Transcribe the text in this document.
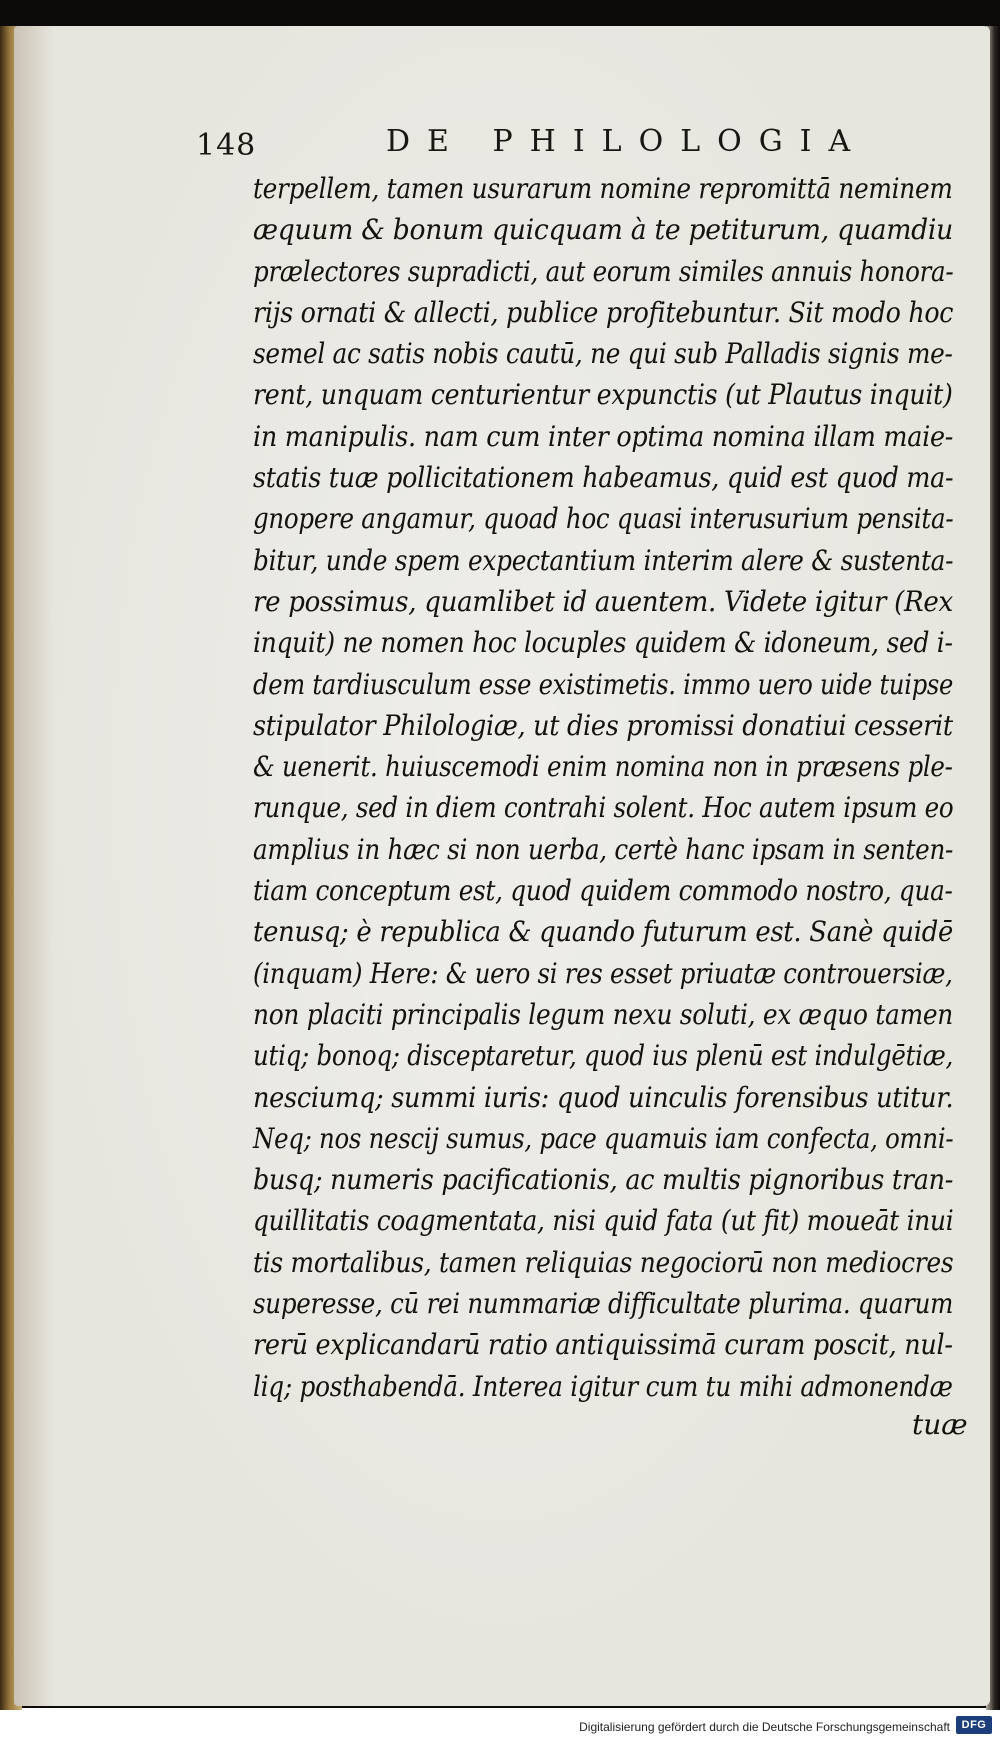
148	DE PHILOLOGIA
terpellem, tamen usurarum nomine repromittā neminem
æquum & bonum quicquam à te petiturum, quamdiu
prælectores supradicti, aut eorum similes annuis honora-
rijs ornati & allecti, publice profitebuntur. Sit modo hoc
semel ac satis nobis cautū, ne qui sub Palladis signis me-
rent, unquam centurientur expunctis (ut Plautus inquit)
in manipulis. nam cum inter optima nomina illam maie-
statis tuæ pollicitationem habeamus, quid est quod ma-
gnopere angamur, quoad hoc quasi interusurium pensita-
bitur, unde spem expectantium interim alere & sustenta-
re possimus, quamlibet id auentem. Videte igitur (Rex
inquit) ne nomen hoc locuples quidem & idoneum, sed i-
dem tardiusculum esse existimetis. immo uero uide tuipse
stipulator Philologiæ, ut dies promissi donatiui cesserit
& uenerit. huiuscemodi enim nomina non in præsens ple-
runque, sed in diem contrahi solent. Hoc autem ipsum eo
amplius in hæc si non uerba, certè hanc ipsam in senten-
tiam conceptum est, quod quidem commodo nostro, qua-
tenusq; è republica & quando futurum est. Sanè quidē
(inquam) Here: & uero si res esset priuatæ controuersiæ,
non placiti principalis legum nexu soluti, ex æquo tamen
utiq; bonoq; disceptaretur, quod ius plenū est indulgētiæ,
nesciumq; summi iuris: quod uinculis forensibus utitur.
Neq; nos nescij sumus, pace quamuis iam confecta, omni-
busq; numeris pacificationis, ac multis pignoribus tran-
quillitatis coagmentata, nisi quid fata (ut fit) moueāt inui
tis mortalibus, tamen reliquias negociorū non mediocres
superesse, cū rei nummariæ difficultate plurima. quarum
rerū explicandarū ratio antiquissimā curam poscit, nul-
liq; posthabendā. Interea igitur cum tu mihi admonendæ
tuæ
Digitalisierung gefördert durch die Deutsche Forschungsgemeinschaft	DFG
